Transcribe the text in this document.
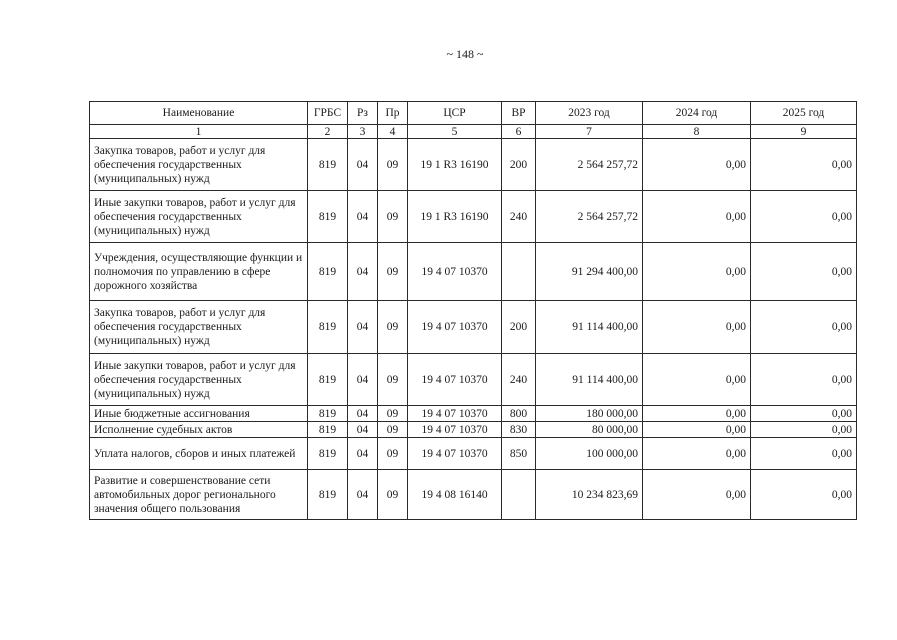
~ 148 ~
Наименование	ГРБС	Рз	Пр	ЦСР	ВР	2023 год	2024 год	2025 год
1	2	3	4	5	6	7	8	9
Закупка товаров, работ и услуг для обеспечения государственных (муниципальных) нужд	819	04	09	19 1 R3 16190	200	2 564 257,72	0,00	0,00
Иные закупки товаров, работ и услуг для обеспечения государственных (муниципальных) нужд	819	04	09	19 1 R3 16190	240	2 564 257,72	0,00	0,00
Учреждения, осуществляющие функции и полномочия по управлению в сфере дорожного хозяйства	819	04	09	19 4 07 10370		91 294 400,00	0,00	0,00
Закупка товаров, работ и услуг для обеспечения государственных (муниципальных) нужд	819	04	09	19 4 07 10370	200	91 114 400,00	0,00	0,00
Иные закупки товаров, работ и услуг для обеспечения государственных (муниципальных) нужд	819	04	09	19 4 07 10370	240	91 114 400,00	0,00	0,00
Иные бюджетные ассигнования	819	04	09	19 4 07 10370	800	180 000,00	0,00	0,00
Исполнение судебных актов	819	04	09	19 4 07 10370	830	80 000,00	0,00	0,00
Уплата налогов, сборов и иных платежей	819	04	09	19 4 07 10370	850	100 000,00	0,00	0,00
Развитие и совершенствование сети автомобильных дорог регионального значения общего пользования	819	04	09	19 4 08 16140		10 234 823,69	0,00	0,00
